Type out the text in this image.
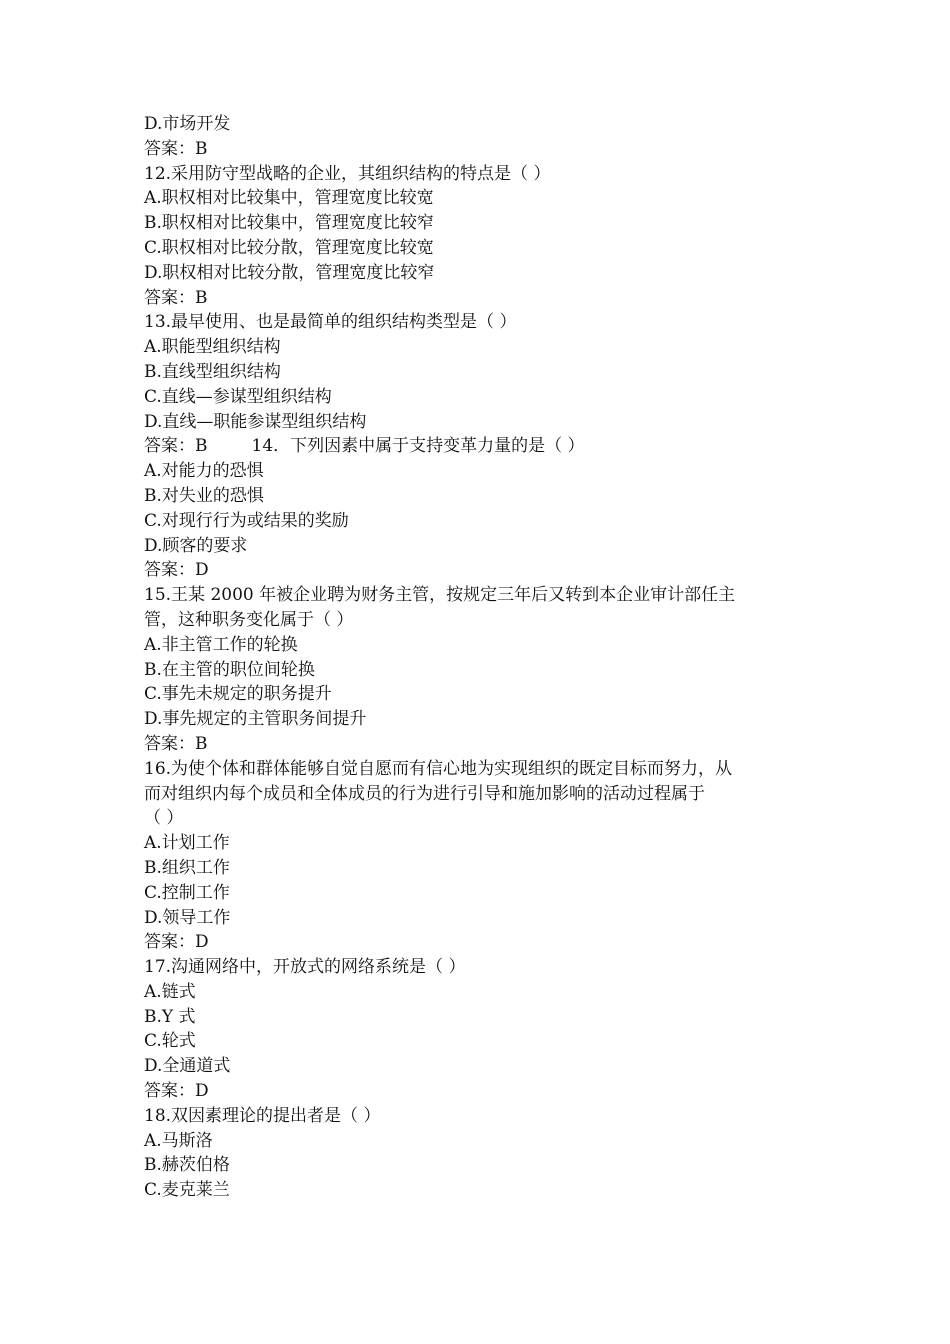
D.市场开发
答案：B
12.采用防守型战略的企业，其组织结构的特点是（ ）
A.职权相对比较集中，管理宽度比较宽
B.职权相对比较集中，管理宽度比较窄
C.职权相对比较分散，管理宽度比较宽
D.职权相对比较分散，管理宽度比较窄
答案：B
13.最早使用、也是最简单的组织结构类型是（ ）
A.职能型组织结构
B.直线型组织结构
C.直线—参谋型组织结构
D.直线—职能参谋型组织结构
答案：B	14．下列因素中属于支持变革力量的是（ ）
A.对能力的恐惧
B.对失业的恐惧
C.对现行行为或结果的奖励
D.顾客的要求
答案：D
15.王某 2000 年被企业聘为财务主管，按规定三年后又转到本企业审计部任主
管，这种职务变化属于（ ）
A.非主管工作的轮换
B.在主管的职位间轮换
C.事先未规定的职务提升
D.事先规定的主管职务间提升
答案：B
16.为使个体和群体能够自觉自愿而有信心地为实现组织的既定目标而努力，从
而对组织内每个成员和全体成员的行为进行引导和施加影响的活动过程属于
（ ）
A.计划工作
B.组织工作
C.控制工作
D.领导工作
答案：D
17.沟通网络中，开放式的网络系统是（ ）
A.链式
B.Y 式
C.轮式
D.全通道式
答案：D
18.双因素理论的提出者是（ ）
A.马斯洛
B.赫茨伯格
C.麦克莱兰
